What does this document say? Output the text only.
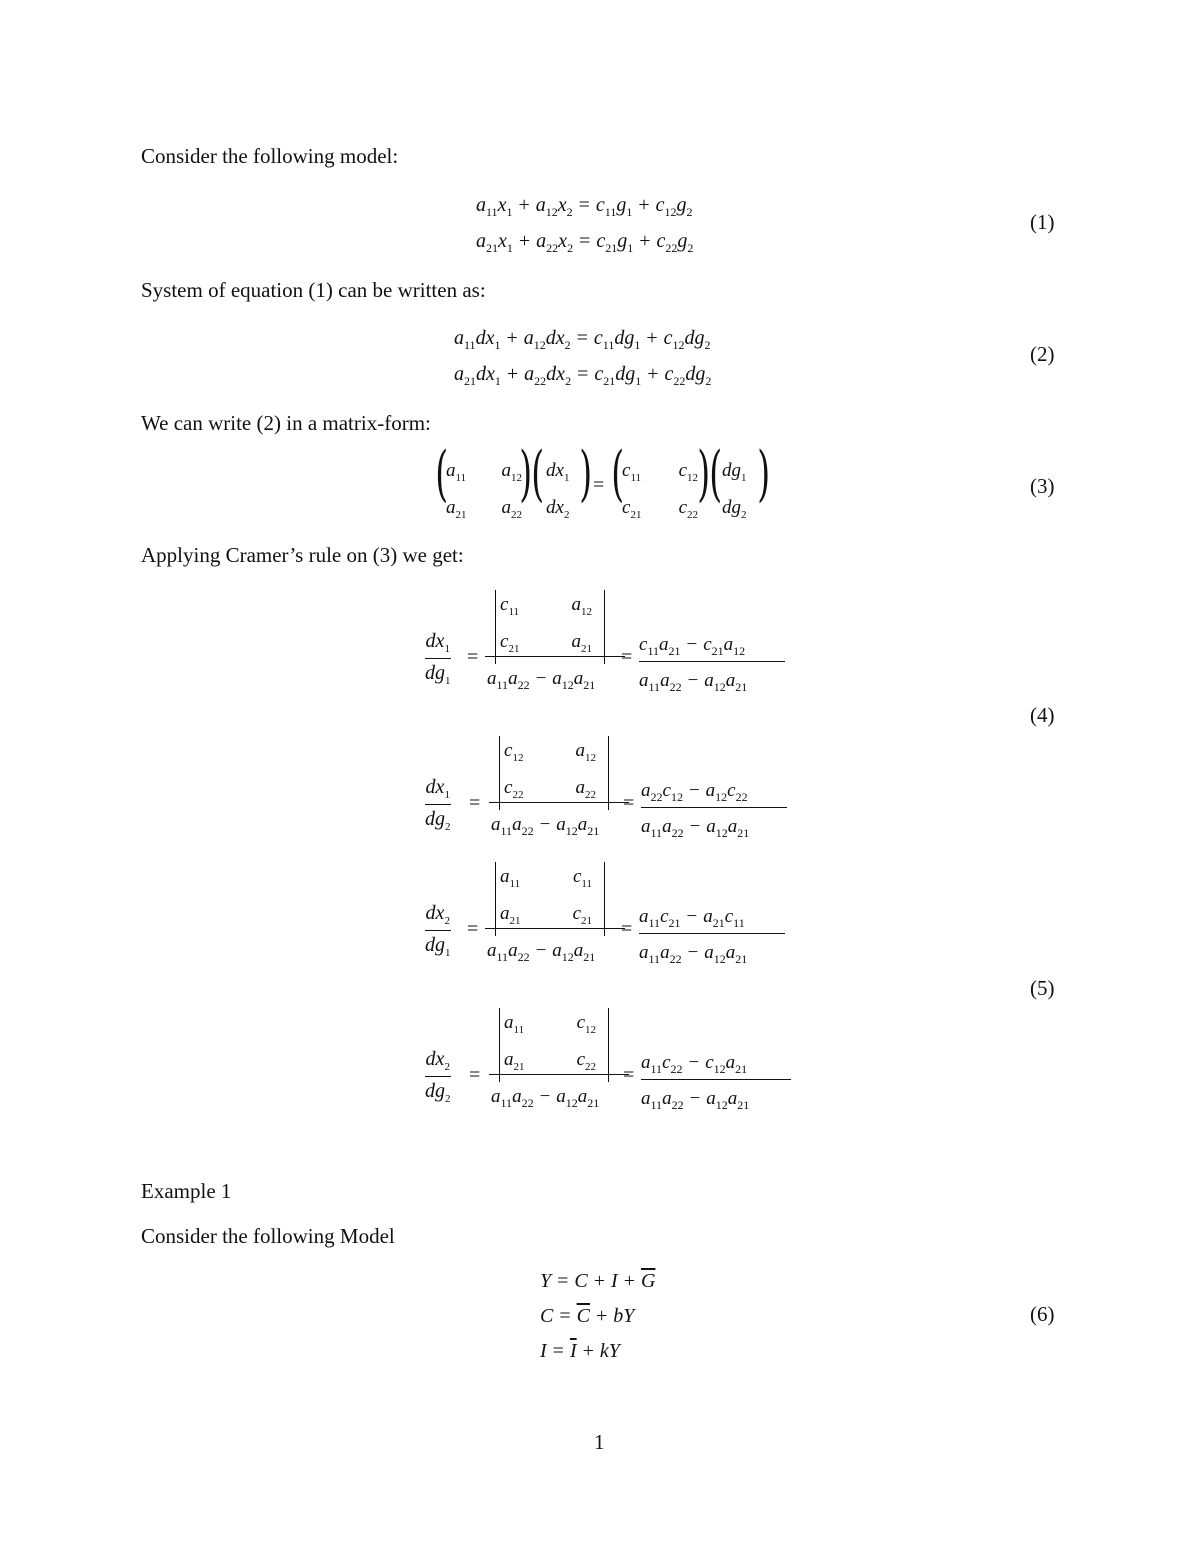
Consider the following model:
$a_{11}x_1 + a_{12}x_2 = c_{11}g_1 + c_{12}g_2$
$a_{21}x_1 + a_{22}x_2 = c_{21}g_1 + c_{22}g_2$
(1)
System of equation (1) can be written as:
$a_{11}dx_1 + a_{12}dx_2 = c_{11}dg_1 + c_{12}dg_2$
$a_{21}dx_1 + a_{22}dx_2 = c_{21}dg_1 + c_{22}dg_2$
(2)
We can write (2) in a matrix-form:
(
$a_{11}$ $a_{12}$
$a_{21}$ $a_{22}$
) ( $dx_1$
$dx_2$
) = (
$c_{11}$ $c_{12}$
$c_{21}$ $c_{22}$
) ( $dg_1$
$dg_2$
)	(3)
Applying Cramer’s rule on (3) we get:
$dx_1$
$dg_1$
=
$c_{11}$	$a_{12}$
$c_{21}$	$a_{21}$
$a_{11}a_{22} - a_{12}a_{21}$
=
$c_{11}a_{21} - c_{21}a_{12}$
$a_{11}a_{22} - a_{12}a_{21}$
(4)
$dx_1$
$dg_2$
=
$c_{12}$	$a_{12}$
$c_{22}$	$a_{22}$
$a_{11}a_{22} - a_{12}a_{21}$
=
$a_{22}c_{12} - a_{12}c_{22}$
$a_{11}a_{22} - a_{12}a_{21}$
$dx_2$
$dg_1$
=
$a_{11}$	$c_{11}$
$a_{21}$	$c_{21}$
$a_{11}a_{22} - a_{12}a_{21}$
=
$a_{11}c_{21} - a_{21}c_{11}$
$a_{11}a_{22} - a_{12}a_{21}$
(5)
$dx_2$
$dg_2$
=
$a_{11}$	$c_{12}$
$a_{21}$	$c_{22}$
$a_{11}a_{22} - a_{12}a_{21}$
=
$a_{11}c_{22} - c_{12}a_{21}$
$a_{11}a_{22} - a_{12}a_{21}$
Example 1
Consider the following Model
$Y = C + I + \overline{G}$
$C = \overline{C}$ + bY
$I = \overline{I}$ + kY
(6)
1
